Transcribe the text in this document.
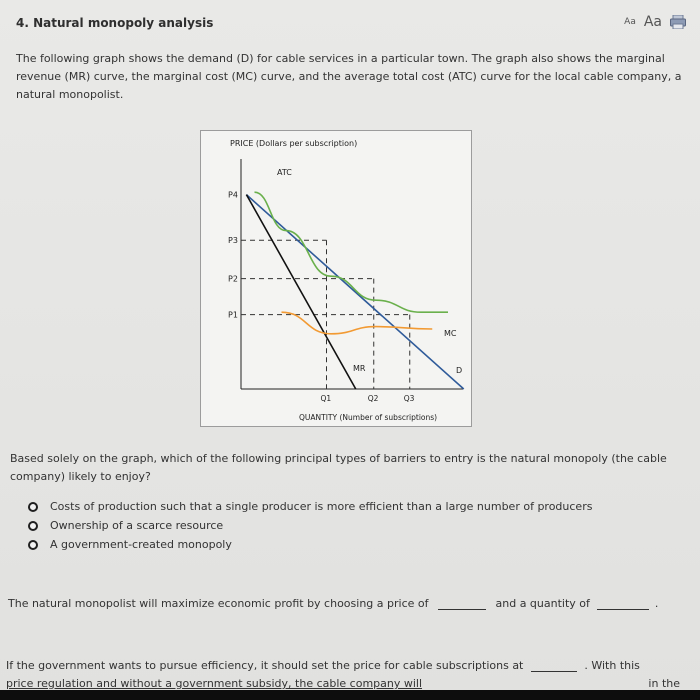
4. Natural monopoly analysis	Aa Aa
The following graph shows the demand (D) for cable services in a particular town. The graph also shows the marginal revenue (MR) curve, the marginal cost (MC) curve, and the average total cost (ATC) curve for the local cable company, a natural monopolist.
PRICE (Dollars per subscription)
QUANTITY (Number of subscriptions)
P1
P2
P3
P4
Q1	Q2	Q3
D
MR
MC
ATC
Based solely on the graph, which of the following principal types of barriers to entry is the natural monopoly (the cable company) likely to enjoy?
Costs of production such that a single producer is more efficient than a large number of producers
Ownership of a scarce resource
A government-created monopoly
The natural monopolist will maximize economic profit by choosing a price of	and a quantity of	.
If the government wants to pursue efficiency, it should set the price for cable subscriptions at	. With this
price regulation and without a government subsidy, the cable company will	in the
